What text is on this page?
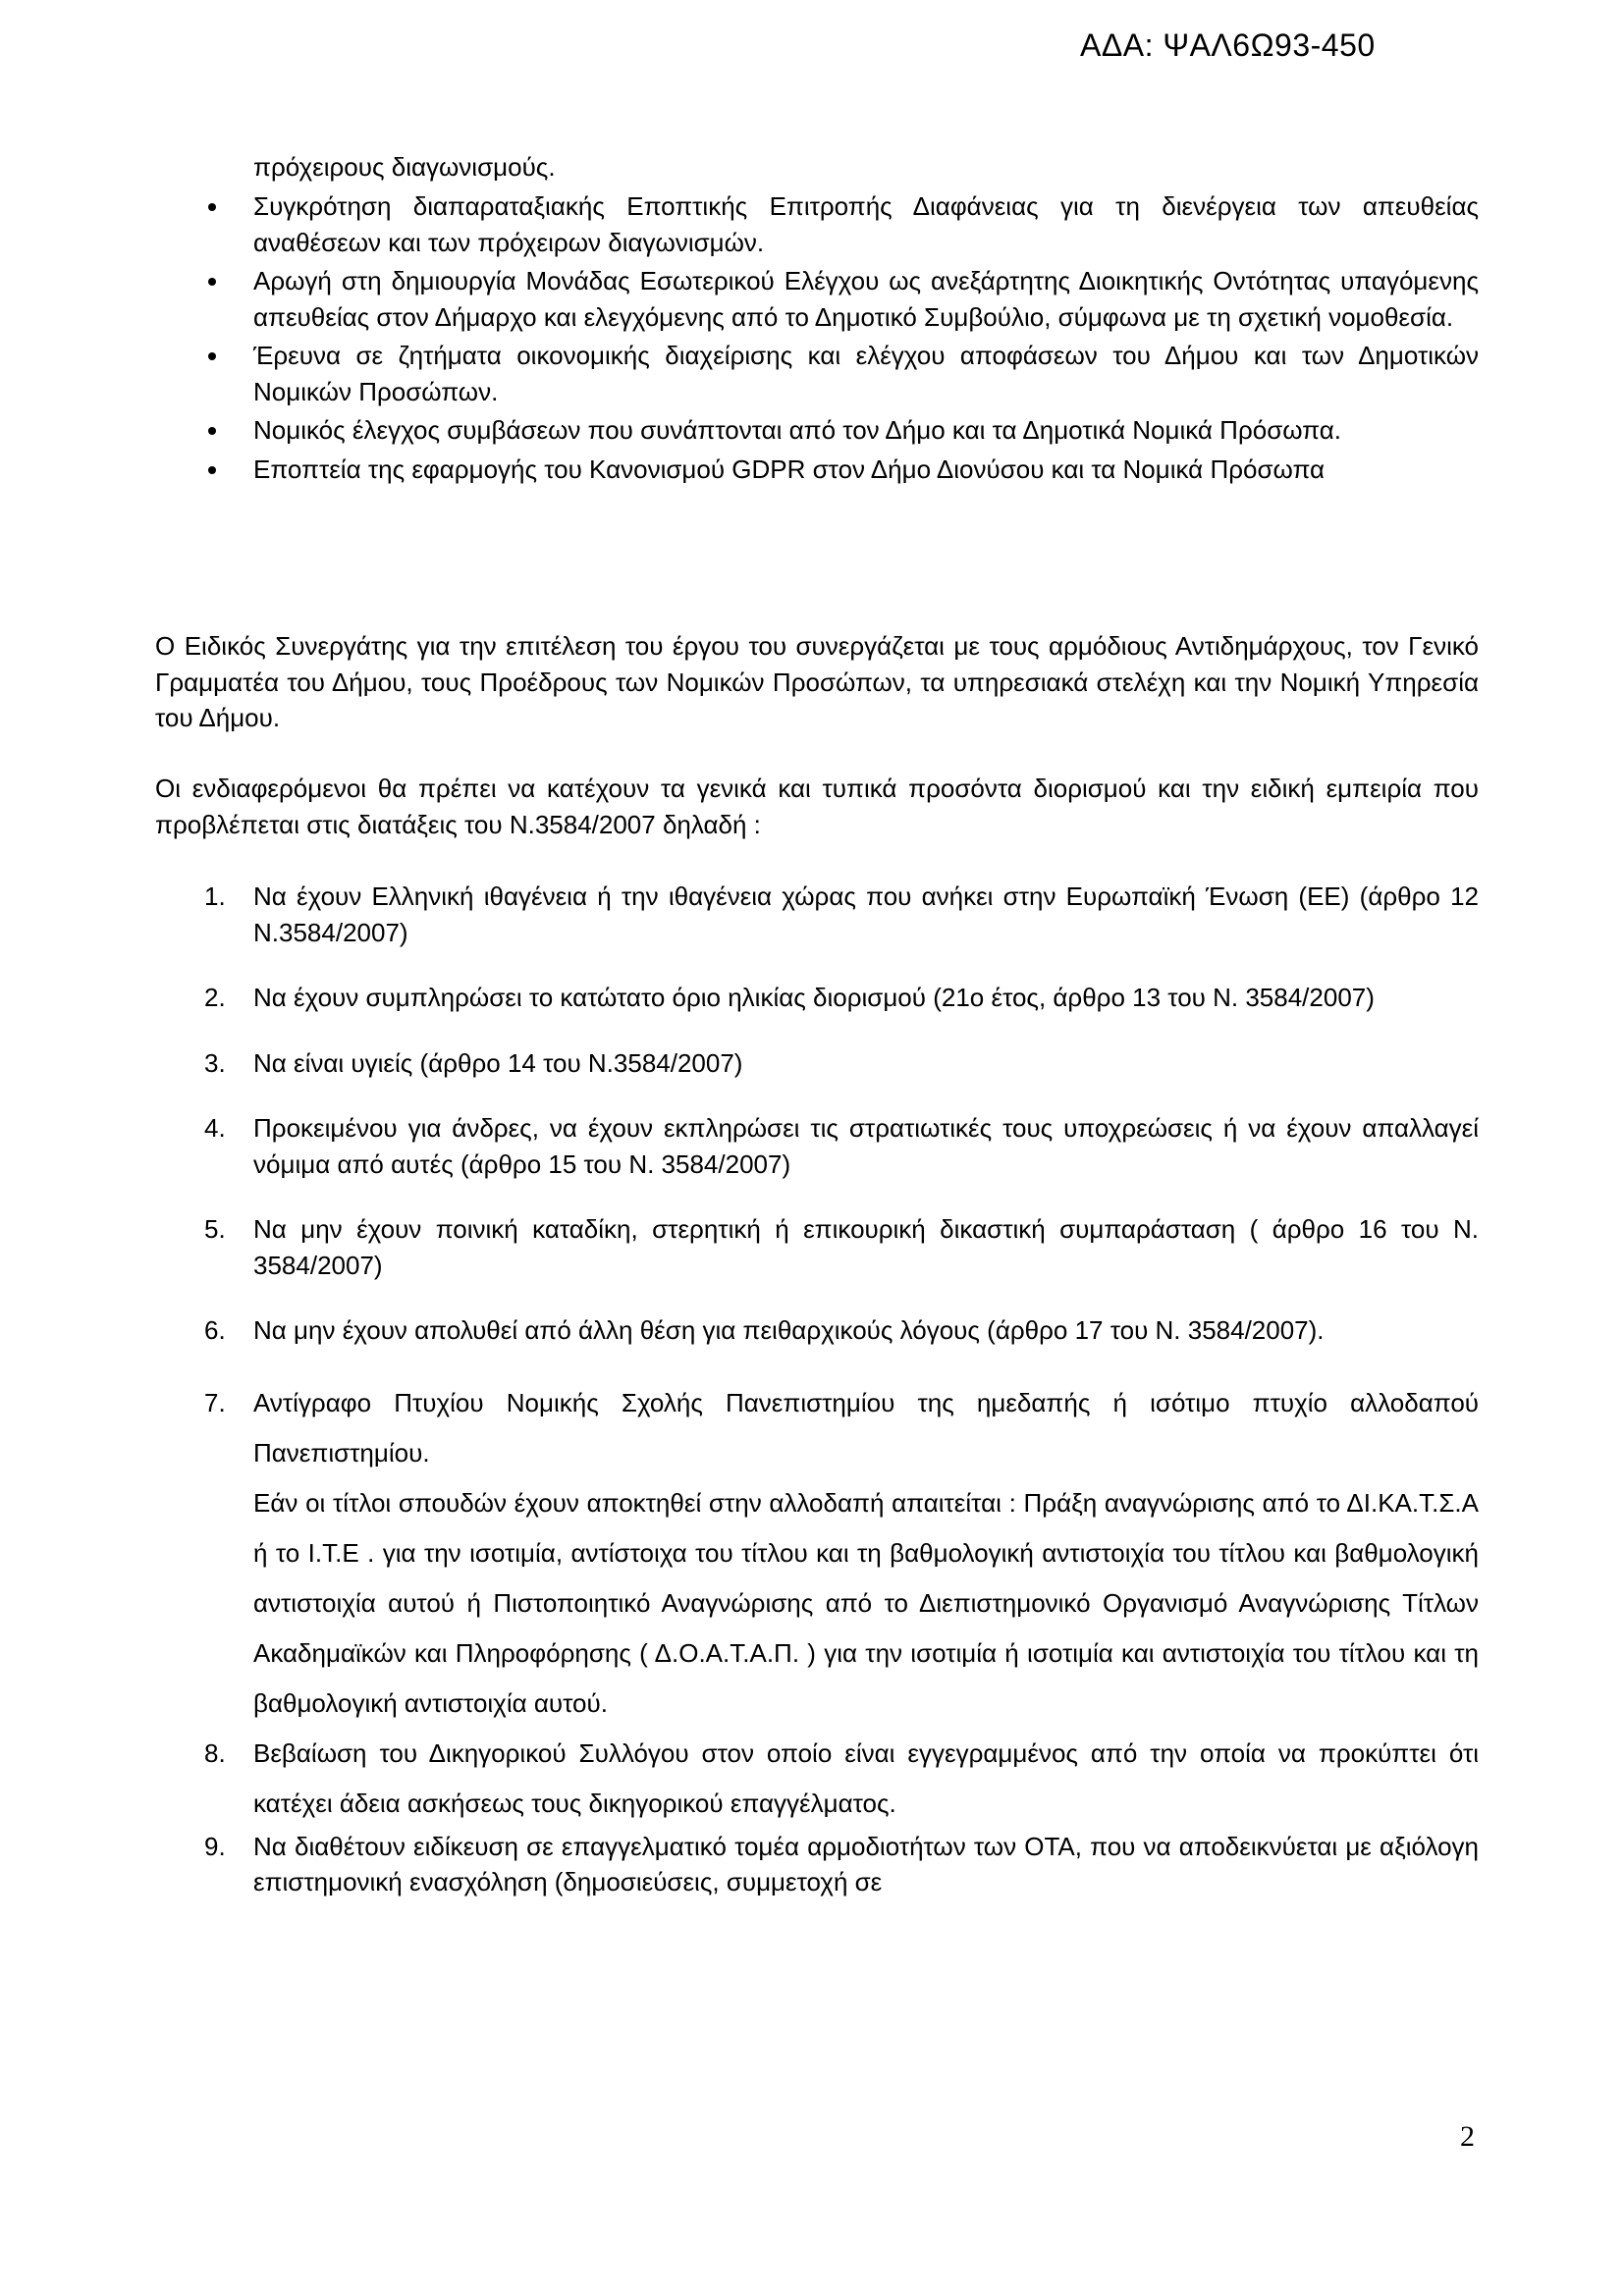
ΑΔΑ: ΨΑΛ6Ω93-450
πρόχειρους διαγωνισμούς.
Συγκρότηση διαπαραταξιακής Εποπτικής Επιτροπής Διαφάνειας για τη διενέργεια των απευθείας αναθέσεων και των πρόχειρων διαγωνισμών.
Αρωγή στη δημιουργία Μονάδας Εσωτερικού Ελέγχου ως ανεξάρτητης Διοικητικής Οντότητας υπαγόμενης απευθείας στον Δήμαρχο και ελεγχόμενης από το Δημοτικό Συμβούλιο, σύμφωνα με τη σχετική νομοθεσία.
Έρευνα σε ζητήματα οικονομικής διαχείρισης και ελέγχου αποφάσεων του Δήμου και των Δημοτικών Νομικών Προσώπων.
Νομικός έλεγχος συμβάσεων που συνάπτονται από τον Δήμο και τα Δημοτικά Νομικά Πρόσωπα.
Εποπτεία της εφαρμογής του Κανονισμού GDPR στον Δήμο Διονύσου και τα Νομικά Πρόσωπα
Ο Ειδικός Συνεργάτης για την επιτέλεση του έργου του συνεργάζεται με τους αρμόδιους Αντιδημάρχους, τον Γενικό Γραμματέα του Δήμου, τους Προέδρους των Νομικών Προσώπων, τα υπηρεσιακά στελέχη και την Νομική Υπηρεσία του Δήμου.
Οι ενδιαφερόμενοι θα πρέπει να κατέχουν τα γενικά και τυπικά προσόντα διορισμού και την ειδική εμπειρία που προβλέπεται στις διατάξεις του Ν.3584/2007 δηλαδή :
1. Να έχουν Ελληνική ιθαγένεια ή την ιθαγένεια χώρας που ανήκει στην Ευρωπαϊκή Ένωση (ΕΕ) (άρθρο 12 Ν.3584/2007)
2. Να έχουν συμπληρώσει το κατώτατο όριο ηλικίας διορισμού (21ο έτος, άρθρο 13 του Ν. 3584/2007)
3. Να είναι υγιείς (άρθρο 14 του Ν.3584/2007)
4. Προκειμένου για άνδρες, να έχουν εκπληρώσει τις στρατιωτικές τους υποχρεώσεις ή να έχουν απαλλαγεί νόμιμα από αυτές (άρθρο 15 του Ν. 3584/2007)
5. Να μην έχουν ποινική καταδίκη, στερητική ή επικουρική δικαστική συμπαράσταση ( άρθρο 16 του Ν. 3584/2007)
6. Να μην έχουν απολυθεί από άλλη θέση για πειθαρχικούς λόγους (άρθρο 17 του Ν. 3584/2007).
7. Αντίγραφο Πτυχίου Νομικής Σχολής Πανεπιστημίου της ημεδαπής ή ισότιμο πτυχίο αλλοδαπού Πανεπιστημίου.
Εάν οι τίτλοι σπουδών έχουν αποκτηθεί στην αλλοδαπή απαιτείται : Πράξη αναγνώρισης από το ΔΙ.ΚΑ.Τ.Σ.Α ή το Ι.Τ.Ε . για την ισοτιμία, αντίστοιχα του τίτλου και τη βαθμολογική αντιστοιχία του τίτλου και βαθμολογική αντιστοιχία αυτού ή Πιστοποιητικό Αναγνώρισης από το Διεπιστημονικό Οργανισμό Αναγνώρισης Τίτλων Ακαδημαϊκών και Πληροφόρησης ( Δ.Ο.Α.Τ.Α.Π. ) για την ισοτιμία ή ισοτιμία και αντιστοιχία του τίτλου και τη βαθμολογική αντιστοιχία αυτού.
8. Βεβαίωση του Δικηγορικού Συλλόγου στον οποίο είναι εγγεγραμμένος από την οποία να προκύπτει ότι κατέχει άδεια ασκήσεως τους δικηγορικού επαγγέλματος.
9. Να διαθέτουν ειδίκευση σε επαγγελματικό τομέα αρμοδιοτήτων των ΟΤΑ, που να αποδεικνύεται με αξιόλογη επιστημονική ενασχόληση (δημοσιεύσεις, συμμετοχή σε
2
